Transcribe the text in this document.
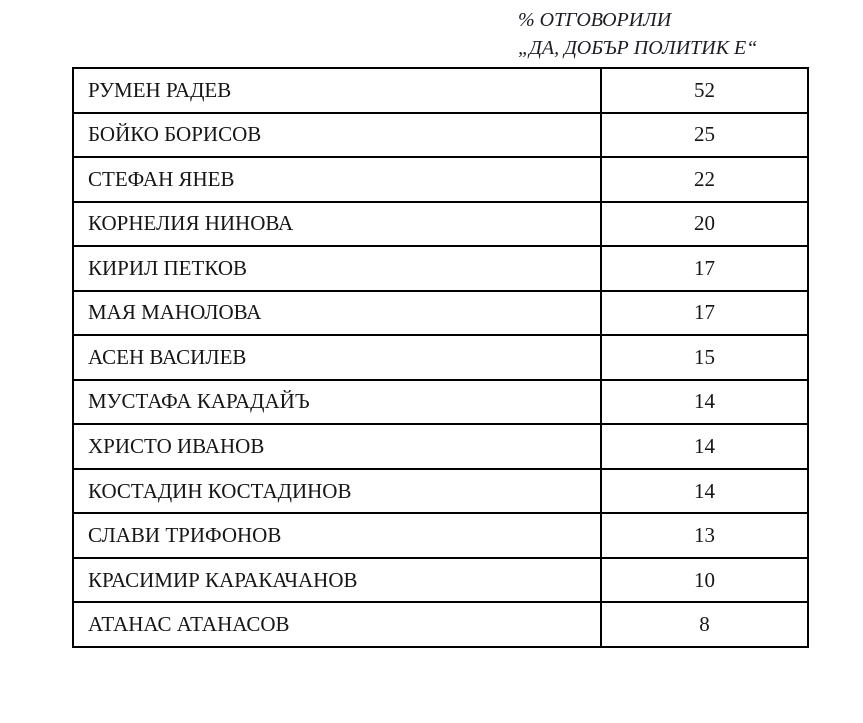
% ОТГОВОРИЛИ
„ДА, ДОБЪР ПОЛИТИК Е“
РУМЕН РАДЕВ	52
БОЙКО БОРИСОВ	25
СТЕФАН ЯНЕВ	22
КОРНЕЛИЯ НИНОВА	20
КИРИЛ ПЕТКОВ	17
МАЯ МАНОЛОВА	17
АСЕН ВАСИЛЕВ	15
МУСТАФА КАРАДАЙЪ	14
ХРИСТО ИВАНОВ	14
КОСТАДИН КОСТАДИНОВ	14
СЛАВИ ТРИФОНОВ	13
КРАСИМИР КАРАКАЧАНОВ	10
АТАНАС АТАНАСОВ	8
